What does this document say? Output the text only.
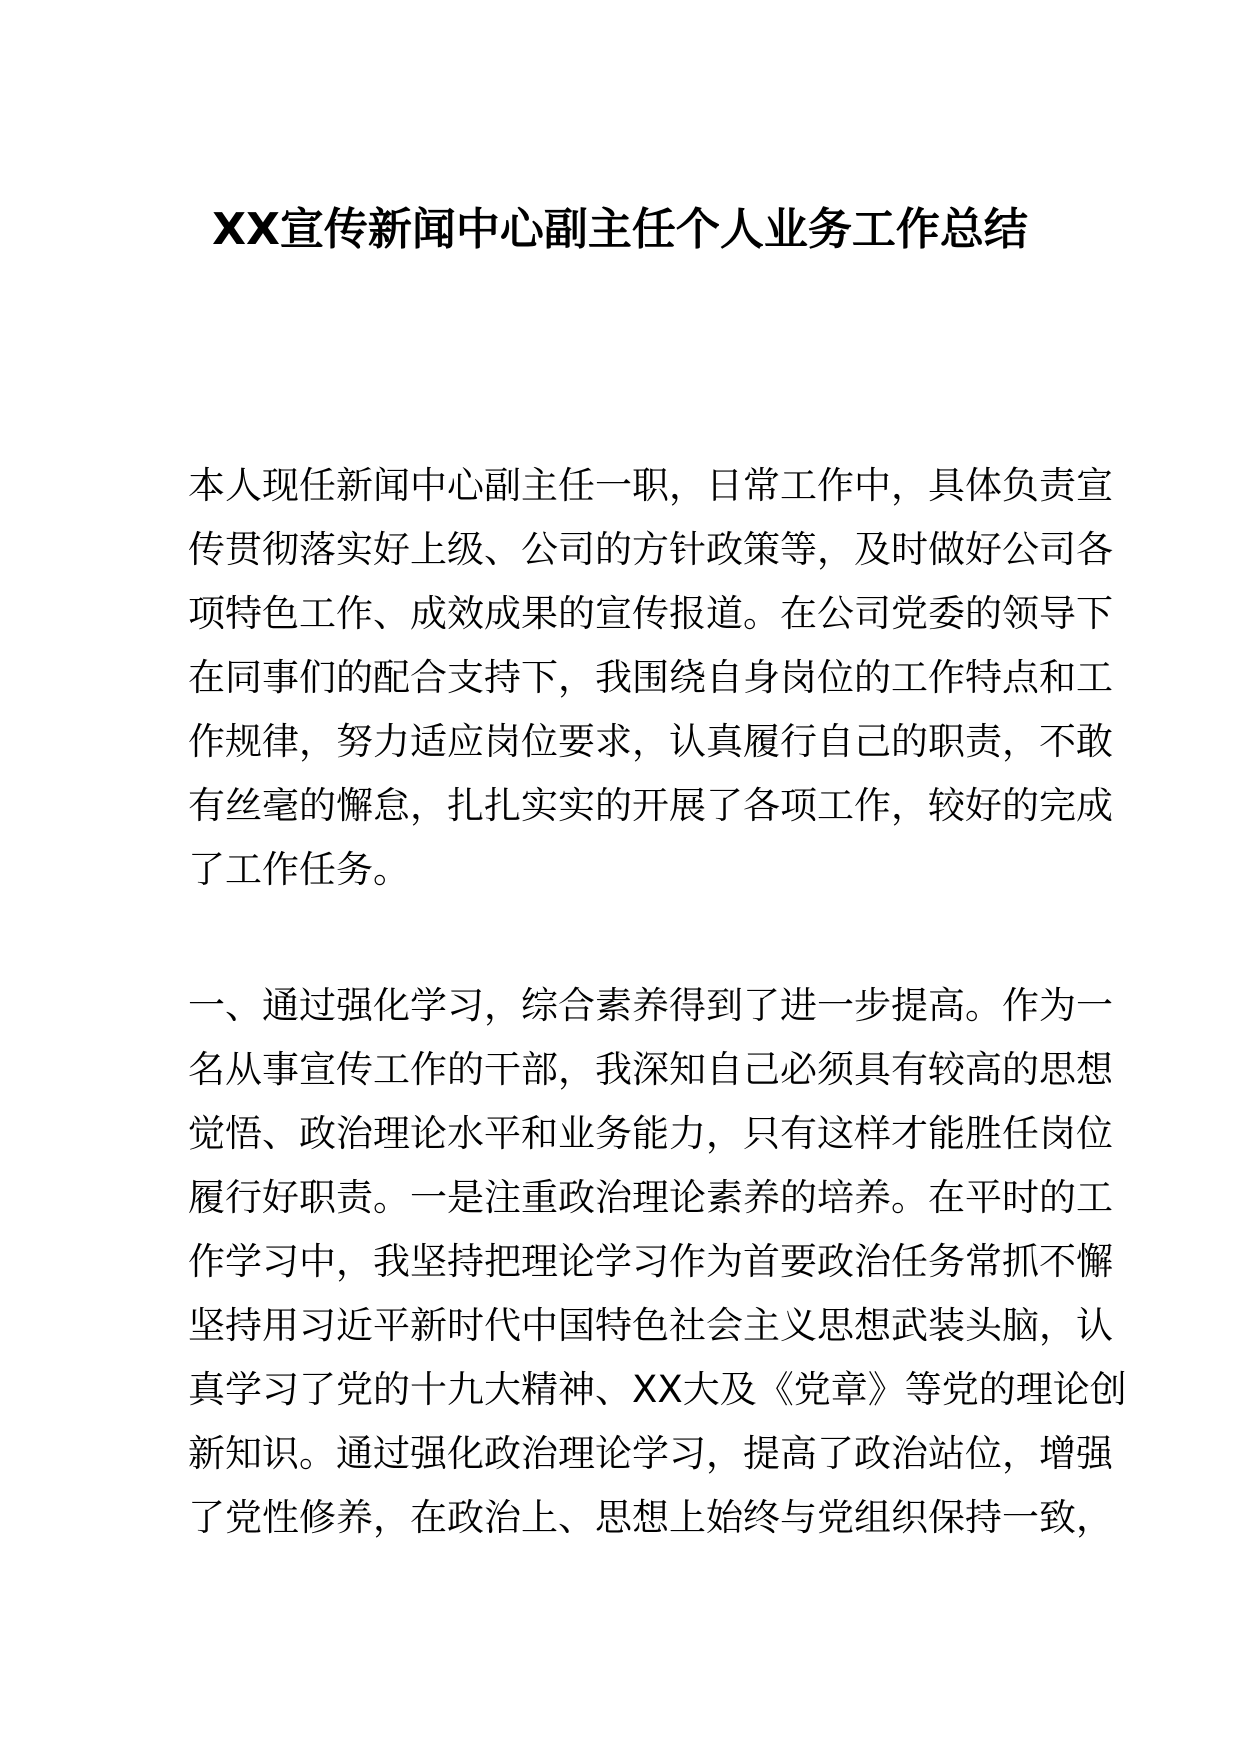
XX宣传新闻中心副主任个人业务工作总结
本人现任新闻中心副主任一职，日常工作中，具体负责宣
传贯彻落实好上级、公司的方针政策等，及时做好公司各
项特色工作、成效成果的宣传报道。在公司党委的领导下
在同事们的配合支持下，我围绕自身岗位的工作特点和工
作规律，努力适应岗位要求，认真履行自己的职责，不敢
有丝毫的懈怠，扎扎实实的开展了各项工作，较好的完成
了工作任务。
一、通过强化学习，综合素养得到了进一步提高。作为一
名从事宣传工作的干部，我深知自己必须具有较高的思想
觉悟、政治理论水平和业务能力，只有这样才能胜任岗位
履行好职责。一是注重政治理论素养的培养。在平时的工
作学习中，我坚持把理论学习作为首要政治任务常抓不懈
坚持用习近平新时代中国特色社会主义思想武装头脑，认
真学习了党的十九大精神、XX大及《党章》等党的理论创
新知识。通过强化政治理论学习，提高了政治站位，增强
了党性修养，在政治上、思想上始终与党组织保持一致，
